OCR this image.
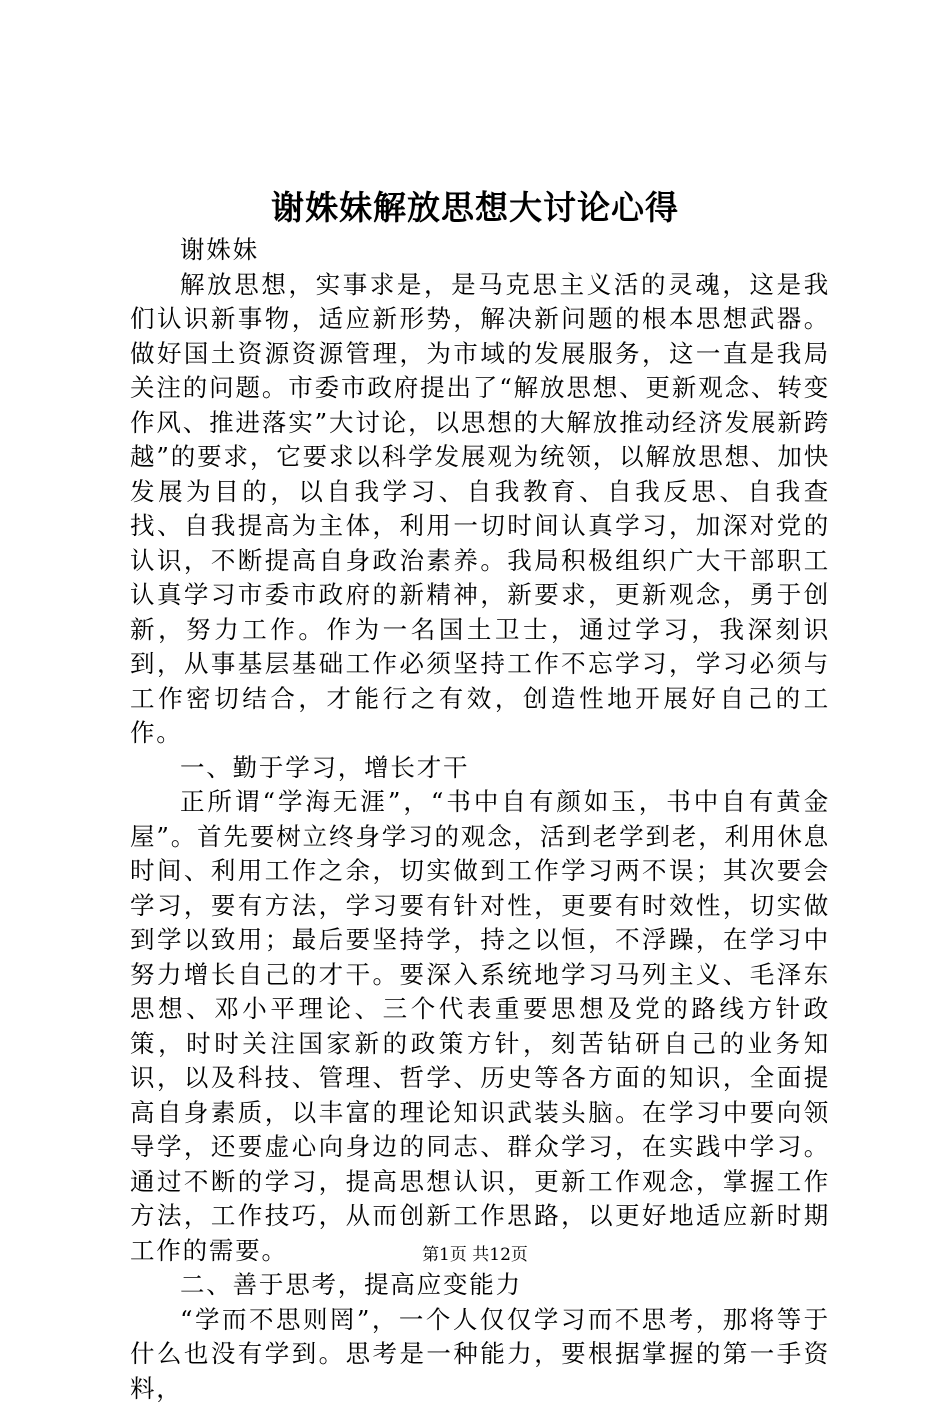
谢姝妹解放思想大讨论心得

谢姝妹

解放思想，实事求是，是马克思主义活的灵魂，这是我们认识新事物，适应新形势，解决新问题的根本思想武器。做好国土资源资源管理，为市域的发展服务，这一直是我局关注的问题。市委市政府提出了“解放思想、更新观念、转变作风、推进落实”大讨论，以思想的大解放推动经济发展新跨越”的要求，它要求以科学发展观为统领，以解放思想、加快发展为目的，以自我学习、自我教育、自我反思、自我查找、自我提高为主体，利用一切时间认真学习，加深对党的认识，不断提高自身政治素养。我局积极组织广大干部职工认真学习市委市政府的新精神，新要求，更新观念，勇于创新，努力工作。作为一名国土卫士，通过学习，我深刻识到，从事基层基础工作必须坚持工作不忘学习，学习必须与工作密切结合，才能行之有效，创造性地开展好自己的工作。

一、勤于学习，增长才干

正所谓“学海无涯”，“书中自有颜如玉，书中自有黄金屋”。首先要树立终身学习的观念，活到老学到老，利用休息时间、利用工作之余，切实做到工作学习两不误；其次要会学习，要有方法，学习要有针对性，更要有时效性，切实做到学以致用；最后要坚持学，持之以恒，不浮躁，在学习中努力增长自己的才干。要深入系统地学习马列主义、毛泽东思想、邓小平理论、三个代表重要思想及党的路线方针政策，时时关注国家新的政策方针，刻苦钻研自己的业务知识，以及科技、管理、哲学、历史等各方面的知识，全面提高自身素质，以丰富的理论知识武装头脑。在学习中要向领导学，还要虚心向身边的同志、群众学习，在实践中学习。通过不断的学习，提高思想认识，更新工作观念，掌握工作方法，工作技巧，从而创新工作思路，以更好地适应新时期工作的需要。

二、善于思考，提高应变能力

“学而不思则罔”，一个人仅仅学习而不思考，那将等于什么也没有学到。思考是一种能力，要根据掌握的第一手资料，

第1页 共12页
